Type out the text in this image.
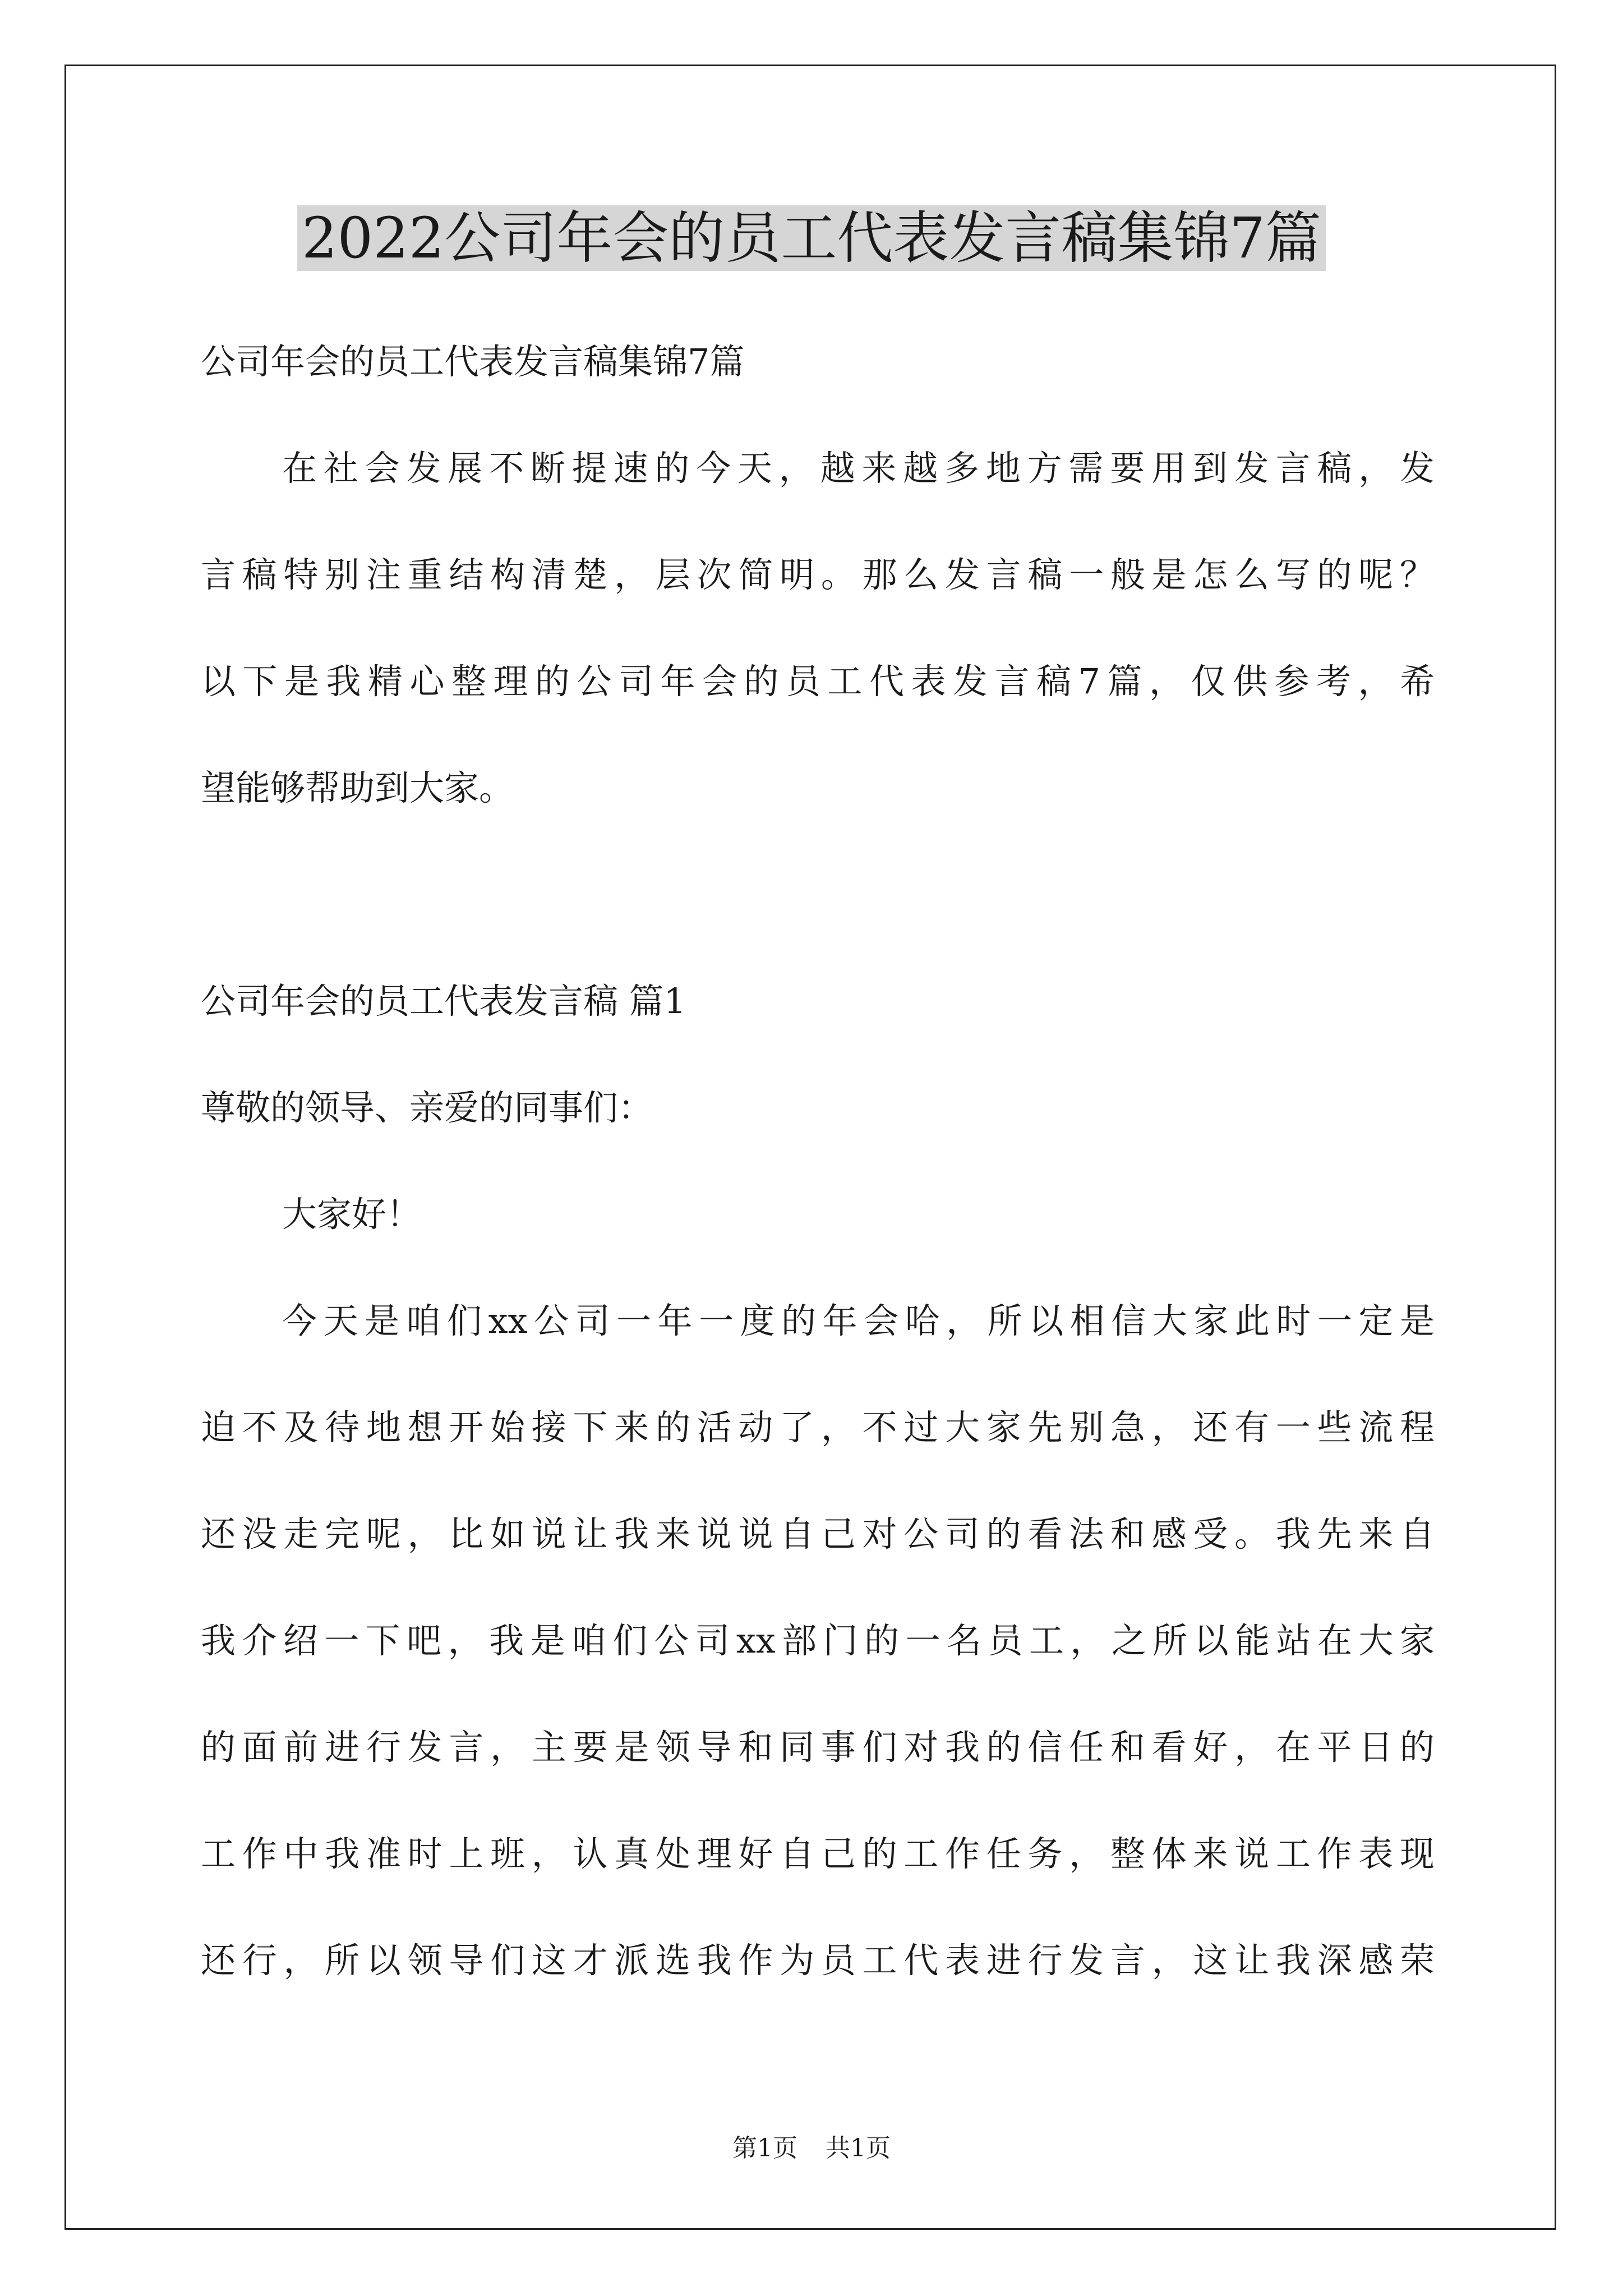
2022公司年会的员工代表发言稿集锦7篇

公司年会的员工代表发言稿集锦7篇

在社会发展不断提速的今天，越来越多地方需要用到发言稿，发

言稿特别注重结构清楚，层次简明。那么发言稿一般是怎么写的呢？

以下是我精心整理的公司年会的员工代表发言稿7篇，仅供参考，希

望能够帮助到大家。

公司年会的员工代表发言稿 篇1

尊敬的领导、亲爱的同事们：

大家好！

今天是咱们xx公司一年一度的年会哈，所以相信大家此时一定是

迫不及待地想开始接下来的活动了，不过大家先别急，还有一些流程

还没走完呢，比如说让我来说说自己对公司的看法和感受。我先来自

我介绍一下吧，我是咱们公司xx部门的一名员工，之所以能站在大家

的面前进行发言，主要是领导和同事们对我的信任和看好，在平日的

工作中我准时上班，认真处理好自己的工作任务，整体来说工作表现

还行，所以领导们这才派选我作为员工代表进行发言，这让我深感荣

第1页 共1页
